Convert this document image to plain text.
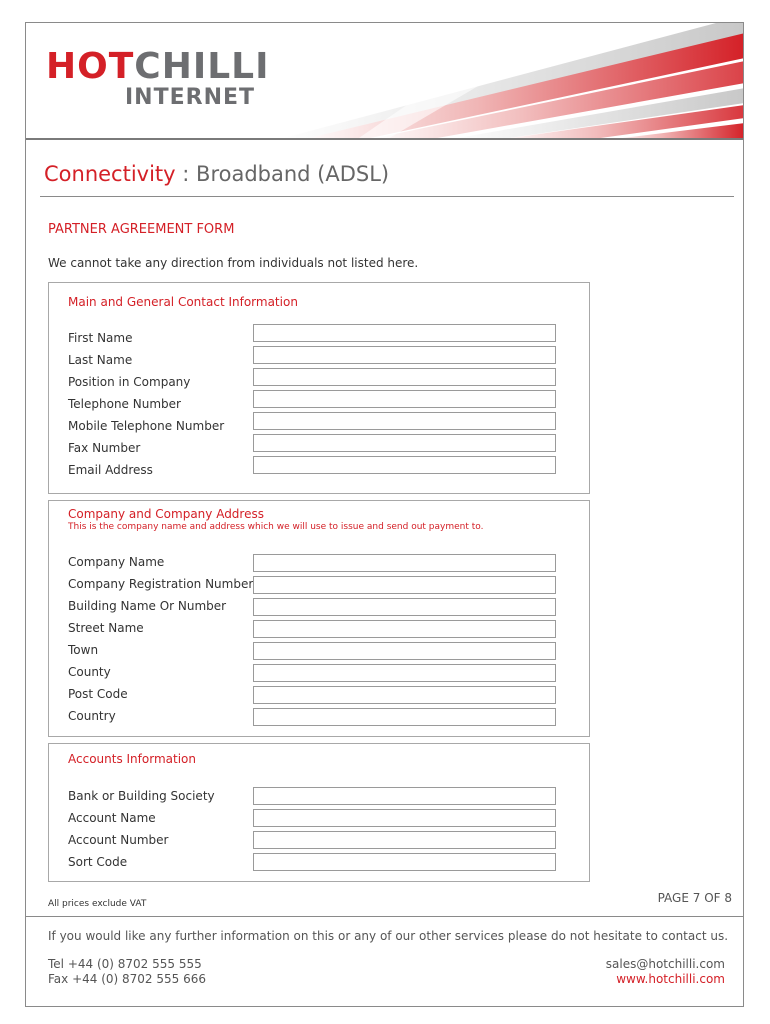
HOTCHILLI
INTERNET
Connectivity : Broadband (ADSL)
PARTNER AGREEMENT FORM
We cannot take any direction from individuals not listed here.
Main and General Contact Information
First Name
Last Name
Position in Company
Telephone Number
Mobile Telephone Number
Fax Number
Email Address
Company and Company Address
This is the company name and address which we will use to issue and send out payment to.
Company Name
Company Registration Number
Building Name Or Number
Street Name
Town
County
Post Code
Country
Accounts Information
Bank or Building Society
Account Name
Account Number
Sort Code
All prices exclude VAT	PAGE 7 OF 8
If you would like any further information on this or any of our other services please do not hesitate to contact us.
Tel +44 (0) 8702 555 555
Fax +44 (0) 8702 555 666
sales@hotchilli.com
www.hotchilli.com
